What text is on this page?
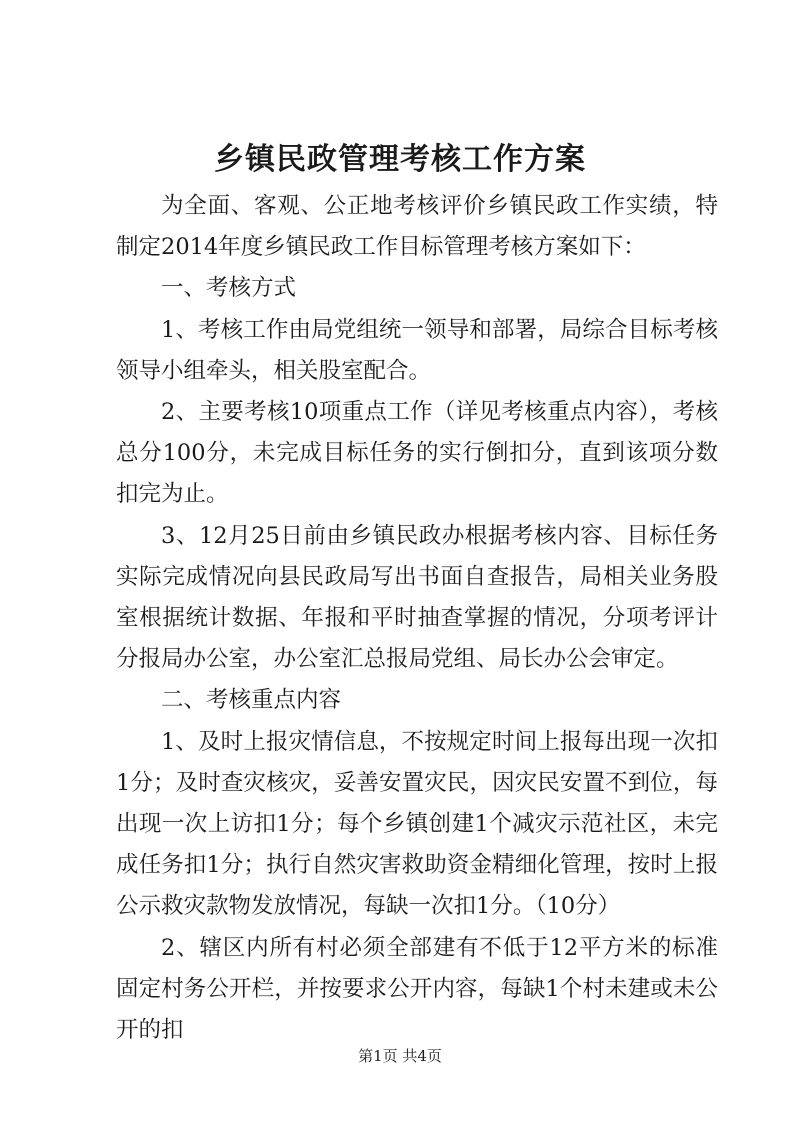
乡镇民政管理考核工作方案

为全面、客观、公正地考核评价乡镇民政工作实绩，特制定2014年度乡镇民政工作目标管理考核方案如下：

一、考核方式

1、考核工作由局党组统一领导和部署，局综合目标考核领导小组牵头，相关股室配合。

2、主要考核10项重点工作（详见考核重点内容），考核总分100分，未完成目标任务的实行倒扣分，直到该项分数扣完为止。

3、12月25日前由乡镇民政办根据考核内容、目标任务实际完成情况向县民政局写出书面自查报告，局相关业务股室根据统计数据、年报和平时抽查掌握的情况，分项考评计分报局办公室，办公室汇总报局党组、局长办公会审定。

二、考核重点内容

1、及时上报灾情信息，不按规定时间上报每出现一次扣1分；及时查灾核灾，妥善安置灾民，因灾民安置不到位，每出现一次上访扣1分；每个乡镇创建1个减灾示范社区，未完成任务扣1分；执行自然灾害救助资金精细化管理，按时上报公示救灾款物发放情况，每缺一次扣1分。（10分）

2、辖区内所有村必须全部建有不低于12平方米的标准固定村务公开栏，并按要求公开内容，每缺1个村未建或未公开的扣

第1页 共4页
